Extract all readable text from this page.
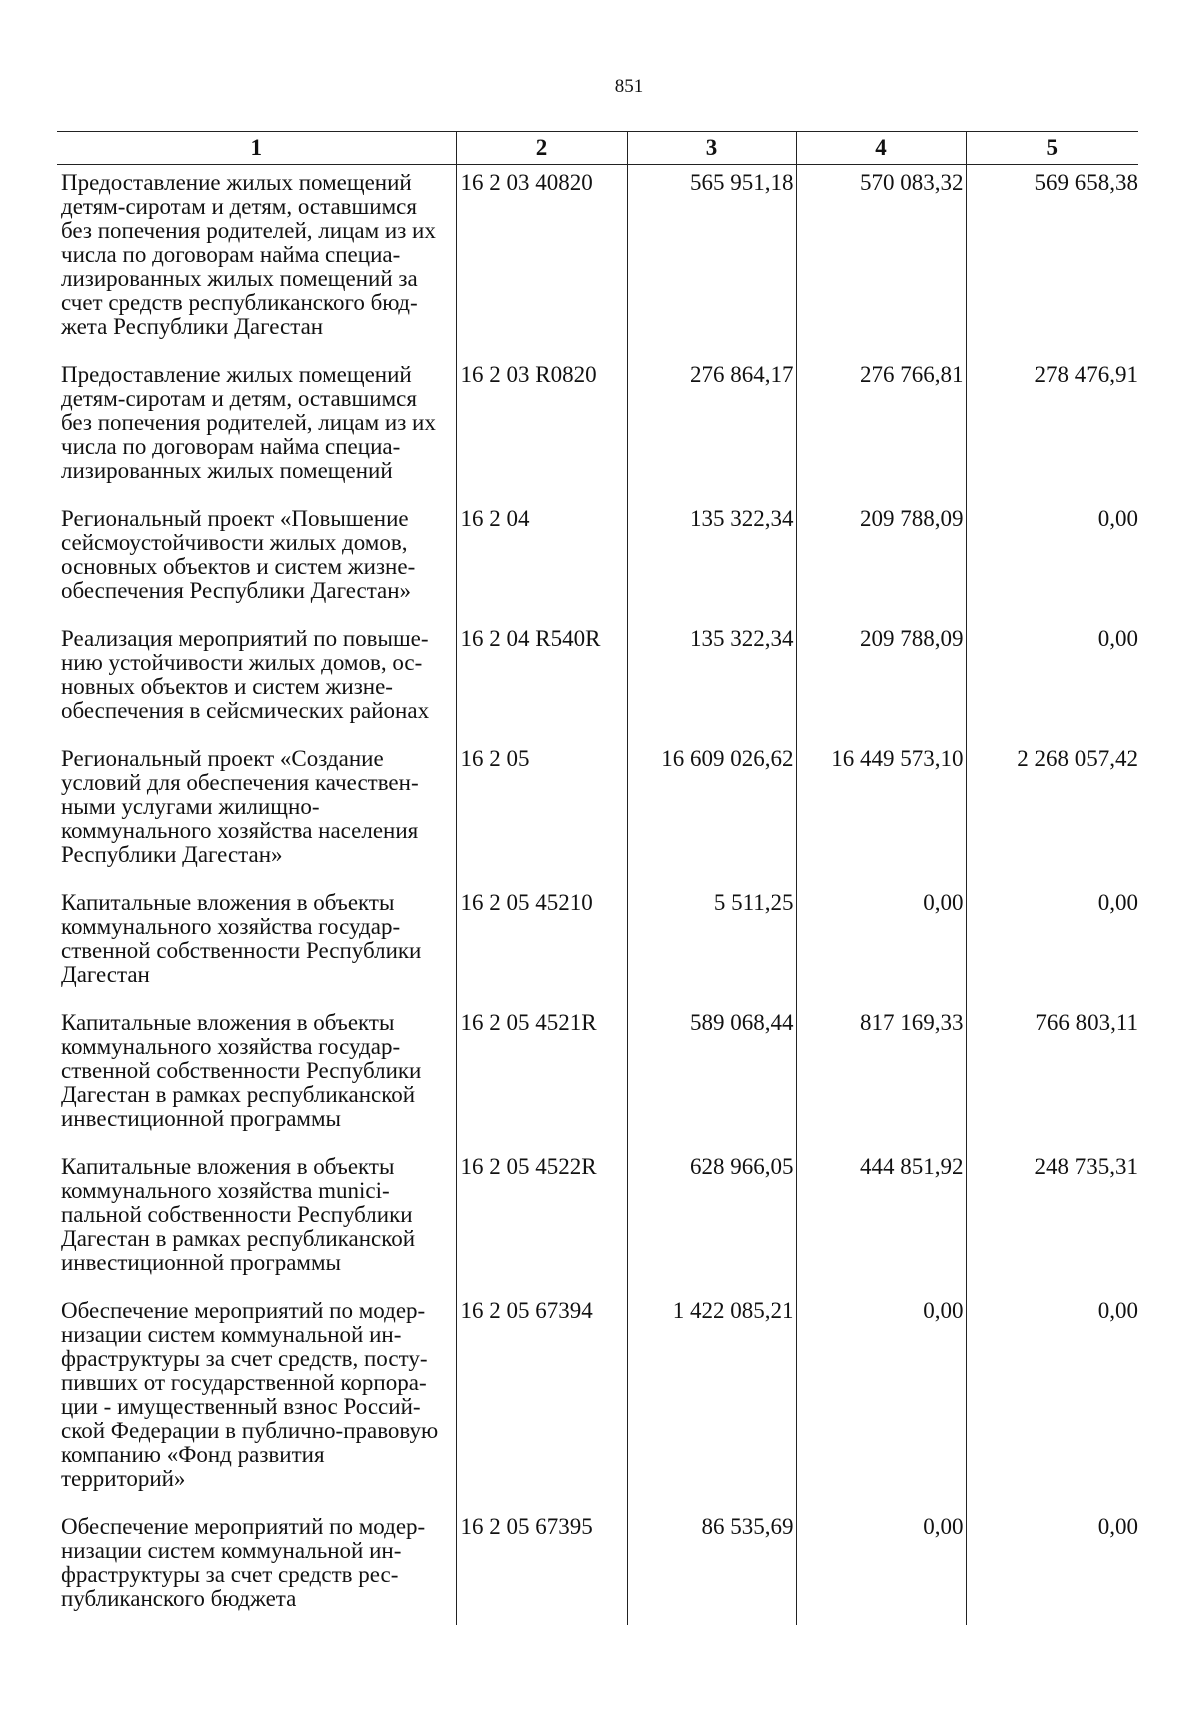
851
1	2	3	4	5
Предоставление жилых помещений детям-сиротам и детям, оставшимся без попечения родителей, лицам из их числа по договорам найма специа-лизированных жилых помещений за счет средств республиканского бюд-жета Республики Дагестан	16 2 03 40820	565 951,18	570 083,32	569 658,38
Предоставление жилых помещений детям-сиротам и детям, оставшимся без попечения родителей, лицам из их числа по договорам найма специа-лизированных жилых помещений	16 2 03 R0820	276 864,17	276 766,81	278 476,91
Региональный проект «Повышение сейсмоустойчивости жилых домов, основных объектов и систем жизне-обеспечения Республики Дагестан»	16 2 04	135 322,34	209 788,09	0,00
Реализация мероприятий по повыше-нию устойчивости жилых домов, ос-новных объектов и систем жизне-обеспечения в сейсмических районах	16 2 04 R540R	135 322,34	209 788,09	0,00
Региональный проект «Создание условий для обеспечения качествен-ными услугами жилищно-коммунального хозяйства населения Республики Дагестан»	16 2 05	16 609 026,62	16 449 573,10	2 268 057,42
Капитальные вложения в объекты коммунального хозяйства государ-ственной собственности Республики Дагестан	16 2 05 45210	5 511,25	0,00	0,00
Капитальные вложения в объекты коммунального хозяйства государ-ственной собственности Республики Дагестан в рамках республиканской инвестиционной программы	16 2 05 4521R	589 068,44	817 169,33	766 803,11
Капитальные вложения в объекты коммунального хозяйства munici-пальной собственности Республики Дагестан в рамках республиканской инвестиционной программы	16 2 05 4522R	628 966,05	444 851,92	248 735,31
Обеспечение мероприятий по модер-низации систем коммунальной ин-фраструктуры за счет средств, посту-пивших от государственной корпора-ции - имущественный взнос Россий-ской Федерации в публично-правовую компанию «Фонд развития территорий»	16 2 05 67394	1 422 085,21	0,00	0,00
Обеспечение мероприятий по модер-низации систем коммунальной ин-фраструктуры за счет средств рес-публиканского бюджета	16 2 05 67395	86 535,69	0,00	0,00
